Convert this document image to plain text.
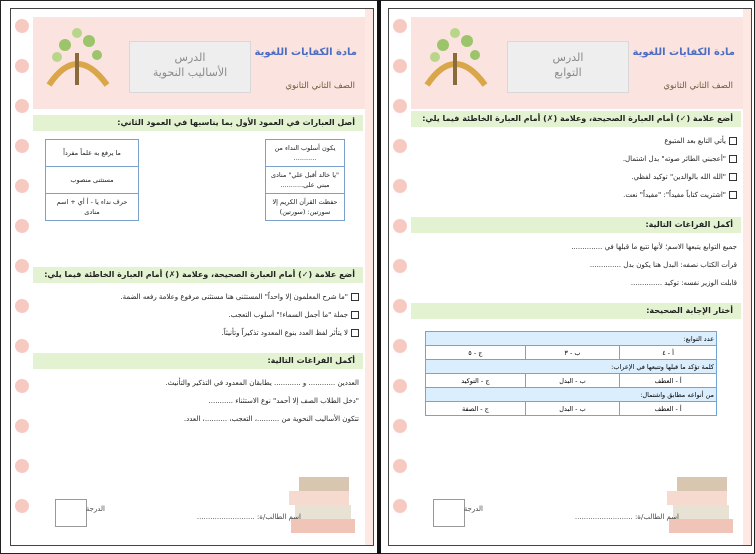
الدرس
الأساليب النحوية
مادة الكفايات اللغوية
الصف الثاني الثانوي
أصل العبارات في العمود الأول بما يناسبها في العمود الثاني:
يكون أسلوب النداء من ...........
"يا خالد أقبل علي" منادى مبني على...........
حفظت القرآن الكريم إلا سورتين: (سورتين)
ما يرفع به علماً مفرداً
مستثنى منصوب
حرف نداء يا - أ أي + اسم منادى
أضع علامة (✓) أمام العبارة الصحيحة، وعلامة (✗) أمام العبارة الخاطئة فيما يلي:
"ما شرح المعلمون إلا واحداً" المستثنى هنا مستثنى مرفوع وعلامة رفعه الضمة.
جملة "ما أجمل السماء!" أسلوب التعجب.
لا يتأثر لفظ العدد بنوع المعدود تذكيراً وتأنيثاً.
أكمل الفراغات التالية:
العددين ............ و ............ يطابقان المعدود في التذكير والتأنيث.
"دخل الطلاب الصف إلا أحمد" نوع الاستثناء ...........
تتكون الأساليب النحوية من ..........، التعجب، ..........، العدد.
الدرجة
اسم الطالب/ة: ..........................
الدرس
التوابع
مادة الكفايات اللغوية
الصف الثاني الثانوي
أضع علامة (✓) أمام العبارة الصحيحة، وعلامة (✗) أمام العبارة الخاطئة فيما يلي:
يأتي التابع بعد المتبوع
"أعجبني الطائر صوته" بدل اشتمال.
"الله الله بالوالدين" توكيد لفظي.
"اشتريت كتاباً مفيداً": "مفيداً" نعت.
أكمل الفراغات التالية:
جميع التوابع يتبعها الاسم؛ لأنها تتبع ما قبلها في ..............
قرأت الكتاب نصفه: البدل هنا يكون بدل ..............
قابلت الوزير نفسه: توكيد ..............
أختار الإجابة الصحيحة:
عدد التوابع:		
أ - ٤	ب - ٣	ج - ٥
كلمة تؤكد ما قبلها وتتبعها في الإعراب:		
أ - العطف	ب - البدل	ج - التوكيد
من أنواعه مطابق واشتمال:		
أ - العطف	ب - البدل	ج - الصفة
الدرجة
اسم الطالب/ة: ..........................
